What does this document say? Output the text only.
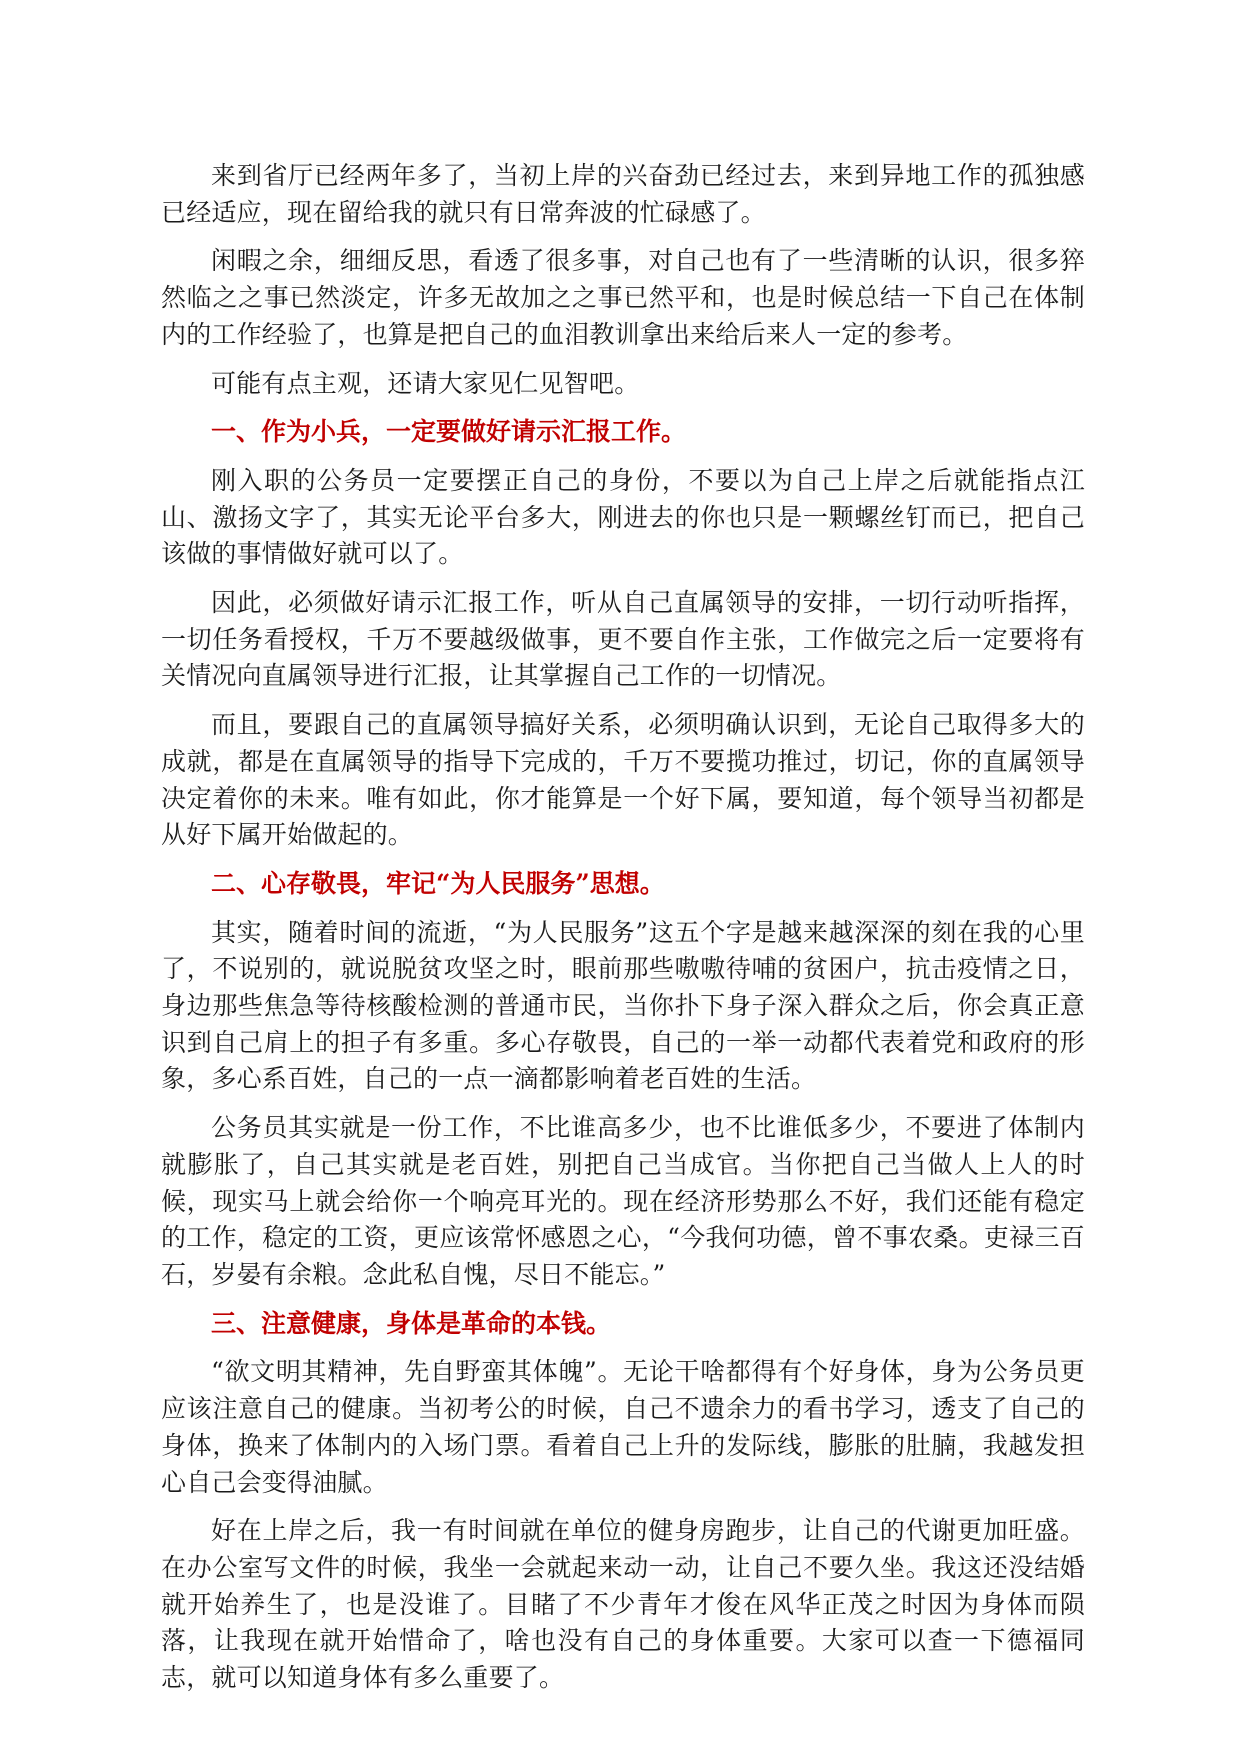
来到省厅已经两年多了，当初上岸的兴奋劲已经过去，来到异地工作的孤独感已经适应，现在留给我的就只有日常奔波的忙碌感了。

闲暇之余，细细反思，看透了很多事，对自己也有了一些清晰的认识，很多猝然临之之事已然淡定，许多无故加之之事已然平和，也是时候总结一下自己在体制内的工作经验了，也算是把自己的血泪教训拿出来给后来人一定的参考。

可能有点主观，还请大家见仁见智吧。

一、作为小兵，一定要做好请示汇报工作。

刚入职的公务员一定要摆正自己的身份，不要以为自己上岸之后就能指点江山、激扬文字了，其实无论平台多大，刚进去的你也只是一颗螺丝钉而已，把自己该做的事情做好就可以了。

因此，必须做好请示汇报工作，听从自己直属领导的安排，一切行动听指挥，一切任务看授权，千万不要越级做事，更不要自作主张，工作做完之后一定要将有关情况向直属领导进行汇报，让其掌握自己工作的一切情况。

而且，要跟自己的直属领导搞好关系，必须明确认识到，无论自己取得多大的成就，都是在直属领导的指导下完成的，千万不要揽功推过，切记，你的直属领导决定着你的未来。唯有如此，你才能算是一个好下属，要知道，每个领导当初都是从好下属开始做起的。

二、心存敬畏，牢记“为人民服务”思想。

其实，随着时间的流逝，“为人民服务”这五个字是越来越深深的刻在我的心里了，不说别的，就说脱贫攻坚之时，眼前那些嗷嗷待哺的贫困户，抗击疫情之日，身边那些焦急等待核酸检测的普通市民，当你扑下身子深入群众之后，你会真正意识到自己肩上的担子有多重。多心存敬畏，自己的一举一动都代表着党和政府的形象，多心系百姓，自己的一点一滴都影响着老百姓的生活。

公务员其实就是一份工作，不比谁高多少，也不比谁低多少，不要进了体制内就膨胀了，自己其实就是老百姓，别把自己当成官。当你把自己当做人上人的时候，现实马上就会给你一个响亮耳光的。现在经济形势那么不好，我们还能有稳定的工作，稳定的工资，更应该常怀感恩之心，“今我何功德，曾不事农桑。吏禄三百石，岁晏有余粮。念此私自愧，尽日不能忘。”

三、注意健康，身体是革命的本钱。

“欲文明其精神，先自野蛮其体魄”。无论干啥都得有个好身体，身为公务员更应该注意自己的健康。当初考公的时候，自己不遗余力的看书学习，透支了自己的身体，换来了体制内的入场门票。看着自己上升的发际线，膨胀的肚腩，我越发担心自己会变得油腻。

好在上岸之后，我一有时间就在单位的健身房跑步，让自己的代谢更加旺盛。在办公室写文件的时候，我坐一会就起来动一动，让自己不要久坐。我这还没结婚就开始养生了，也是没谁了。目睹了不少青年才俊在风华正茂之时因为身体而陨落，让我现在就开始惜命了，啥也没有自己的身体重要。大家可以查一下德福同志，就可以知道身体有多么重要了。
